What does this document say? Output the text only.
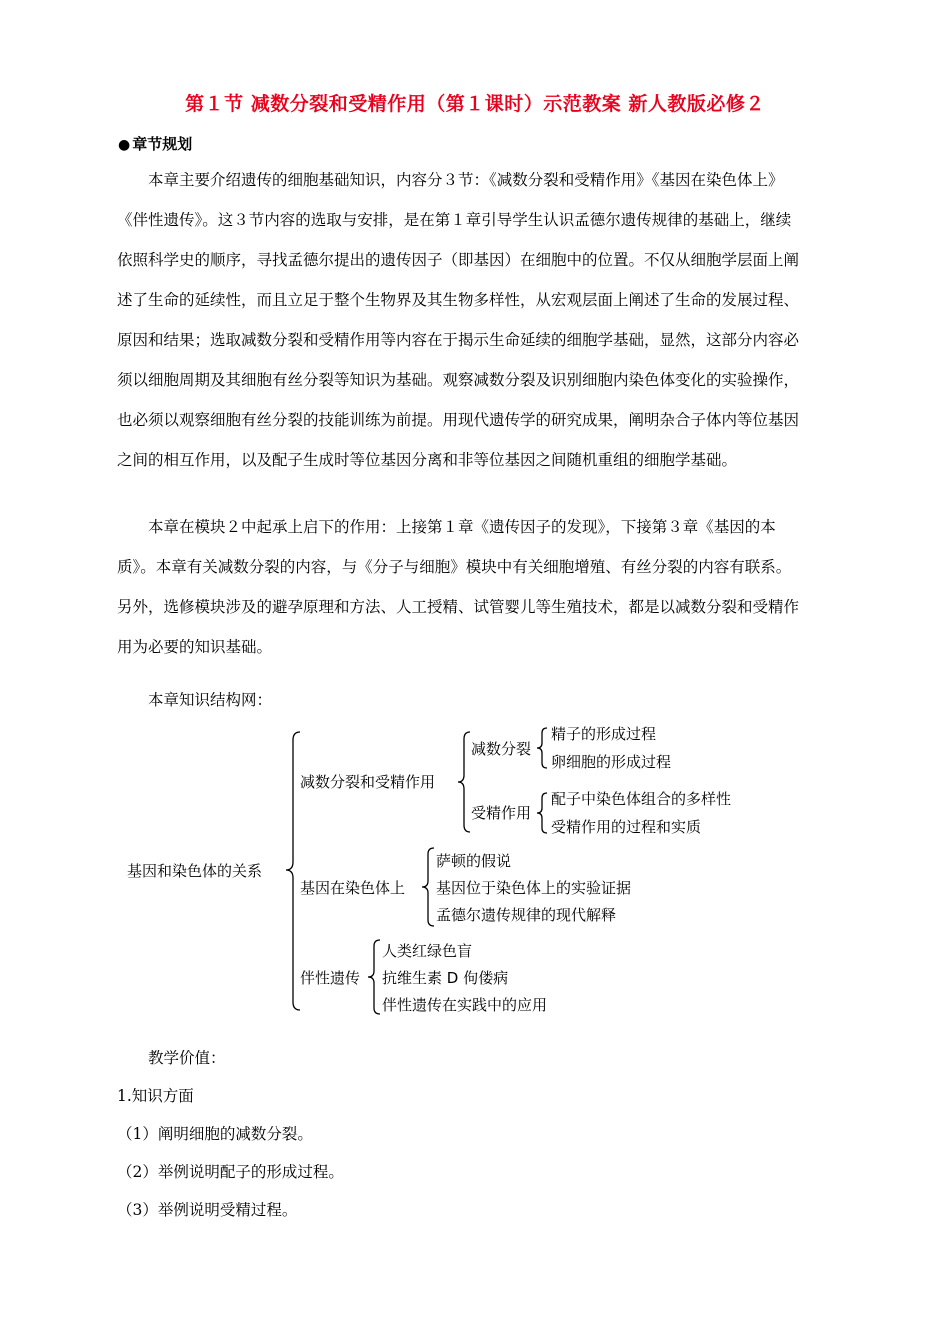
第１节 减数分裂和受精作用（第１课时）示范教案 新人教版必修２
● 章节规划
　　本章主要介绍遗传的细胞基础知识，内容分３节：《减数分裂和受精作用》《基因在染色体上》
《伴性遗传》。这３节内容的选取与安排，是在第１章引导学生认识孟德尔遗传规律的基础上，继续
依照科学史的顺序，寻找孟德尔提出的遗传因子（即基因）在细胞中的位置。不仅从细胞学层面上阐
述了生命的延续性，而且立足于整个生物界及其生物多样性，从宏观层面上阐述了生命的发展过程、
原因和结果；选取减数分裂和受精作用等内容在于揭示生命延续的细胞学基础，显然，这部分内容必
须以细胞周期及其细胞有丝分裂等知识为基础。观察减数分裂及识别细胞内染色体变化的实验操作，
也必须以观察细胞有丝分裂的技能训练为前提。用现代遗传学的研究成果，阐明杂合子体内等位基因
之间的相互作用，以及配子生成时等位基因分离和非等位基因之间随机重组的细胞学基础。
　　本章在模块２中起承上启下的作用：上接第１章《遗传因子的发现》，下接第３章《基因的本
质》。本章有关减数分裂的内容，与《分子与细胞》模块中有关细胞增殖、有丝分裂的内容有联系。
另外，选修模块涉及的避孕原理和方法、人工授精、试管婴儿等生殖技术，都是以减数分裂和受精作
用为必要的知识基础。
　　本章知识结构网：
基因和染色体的关系
减数分裂和受精作用
减数分裂
精子的形成过程
卵细胞的形成过程
受精作用
配子中染色体组合的多样性
受精作用的过程和实质
基因在染色体上
萨顿的假说
基因位于染色体上的实验证据
孟德尔遗传规律的现代解释
伴性遗传
人类红绿色盲
抗维生素 D 佝偻病
伴性遗传在实践中的应用
　　教学价值：
1.知识方面
（1）阐明细胞的减数分裂。
（2）举例说明配子的形成过程。
（3）举例说明受精过程。
